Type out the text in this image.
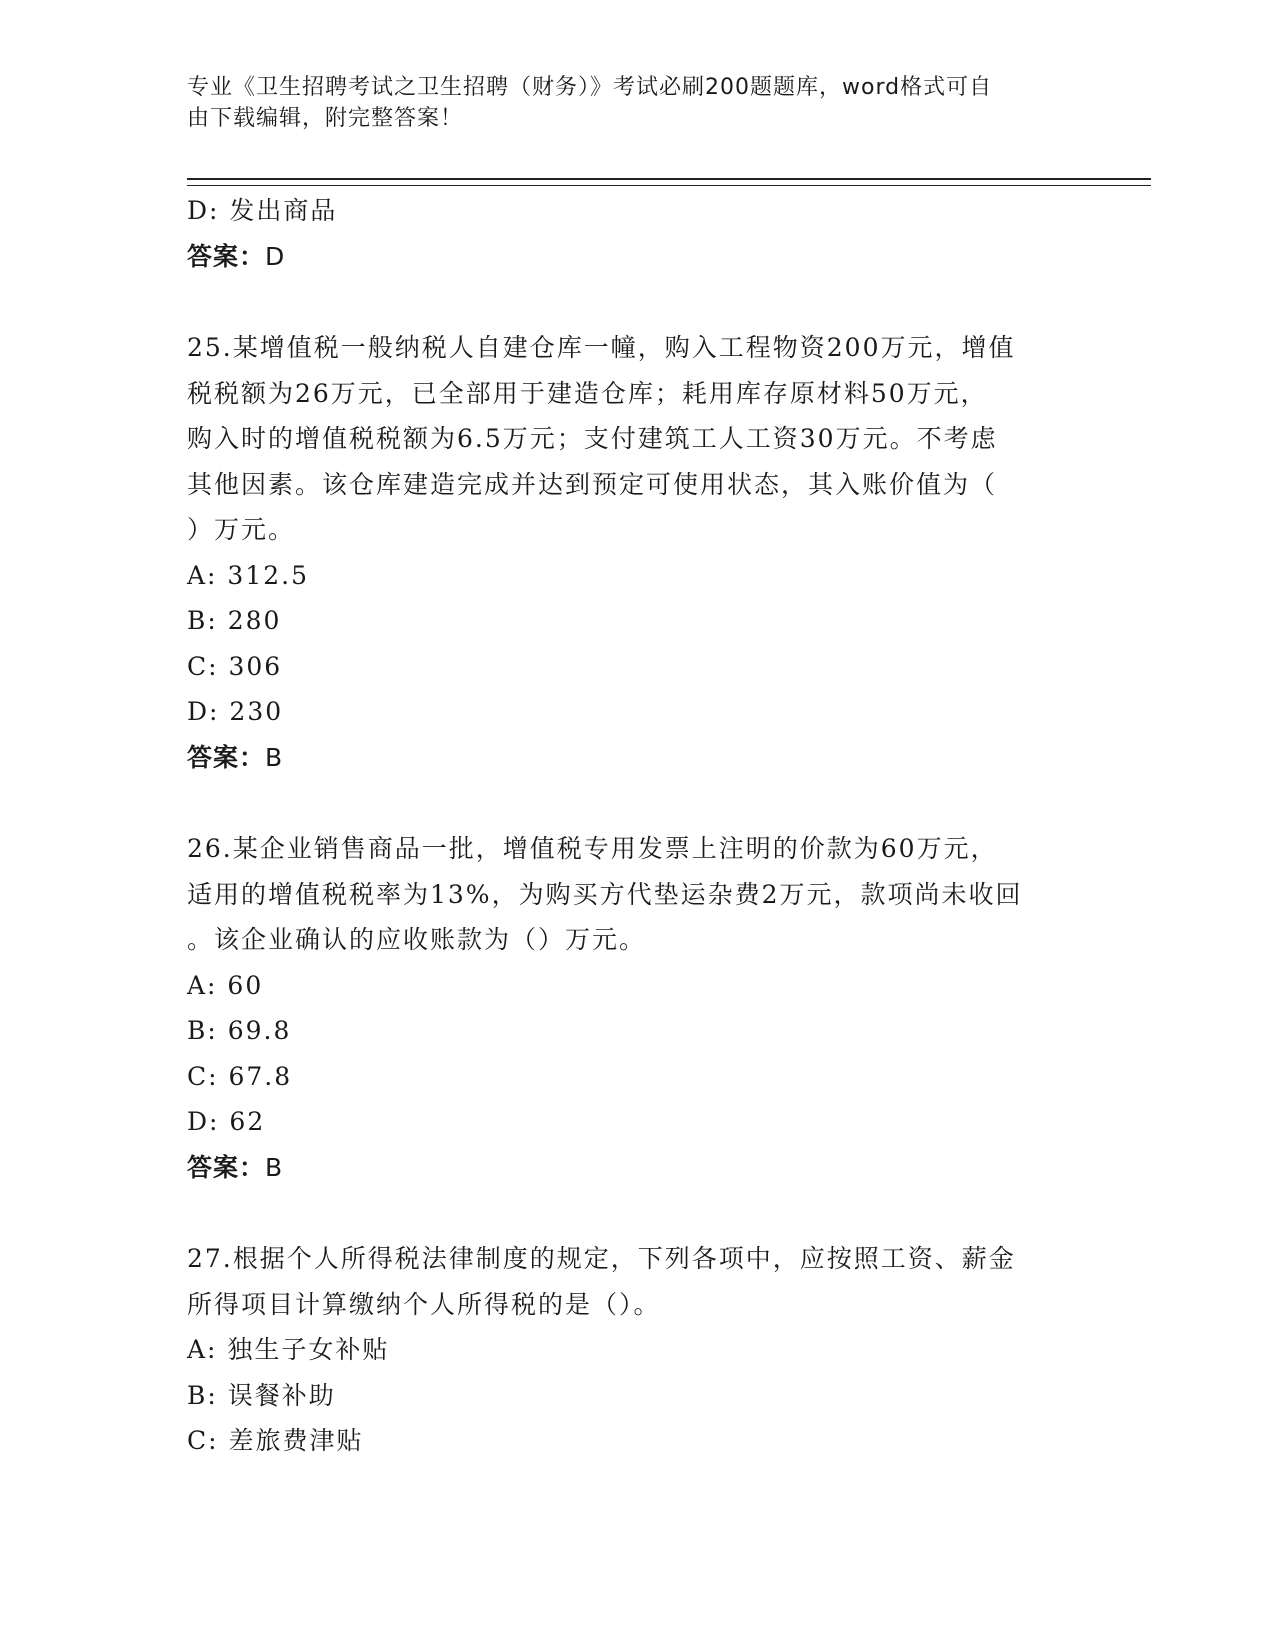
专业《卫生招聘考试之卫生招聘（财务）》考试必刷200题题库，word格式可自
由下载编辑，附完整答案！
D: 发出商品
答案：D
25.某增值税一般纳税人自建仓库一幢，购入工程物资200万元，增值
税税额为26万元，已全部用于建造仓库；耗用库存原材料50万元，
购入时的增值税税额为6.5万元；支付建筑工人工资30万元。不考虑
其他因素。该仓库建造完成并达到预定可使用状态，其入账价值为（
）万元。
A: 312.5
B: 280
C: 306
D: 230
答案：B
26.某企业销售商品一批，增值税专用发票上注明的价款为60万元，
适用的增值税税率为13%，为购买方代垫运杂费2万元，款项尚未收回
。该企业确认的应收账款为（）万元。
A: 60
B: 69.8
C: 67.8
D: 62
答案：B
27.根据个人所得税法律制度的规定，下列各项中，应按照工资、薪金
所得项目计算缴纳个人所得税的是（）。
A: 独生子女补贴
B: 误餐补助
C: 差旅费津贴
